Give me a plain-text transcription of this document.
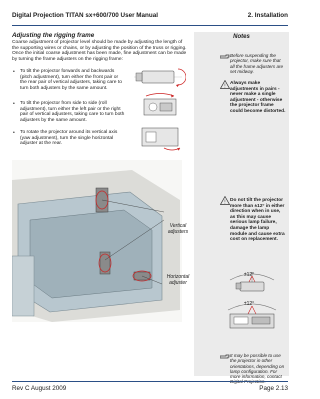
Digital Projection TITAN sx+600/700 User Manual	2. Installation
Notes
Before suspending the projector, make sure that all the frame adjusters are set midway.
!
Always make adjustments in pairs - never make a single adjustment - otherwise the projector frame could become distorted.
! Do not tilt the projector more than ±12° in either direction when in use, as this may cause serious lamp failure, damage the lamp module and cause extra cost on replacement.
±12°
±12°
It may be possible to use the projector in other orientations, depending on lamp configuration. For more information, contact
Adjusting the rigging frame

Coarse adjustment of projector level should be made by adjusting the length of the supporting wires or chains, or by adjusting the position of the truss or rigging. Once the initial coarse adjustment has been made, fine adjustment can be made by turning the frame adjusters on the rigging frame:

• To tilt the projector forwards and backwards (pitch adjustment), turn either the front pair or the rear pair of vertical adjusters, taking care to turn both adjusters by the same amount.
• To tilt the projector from side to side (roll adjustment), turn either the left pair or the right pair of vertical adjusters, taking care to turn both adjusters by the same amount.
• To rotate the projector around its vertical axis (yaw adjustment), turn the single horizontal adjuster at the rear.
Vertical adjusters
Horizontal adjuster
Rev C August 2009	Page 2.13
